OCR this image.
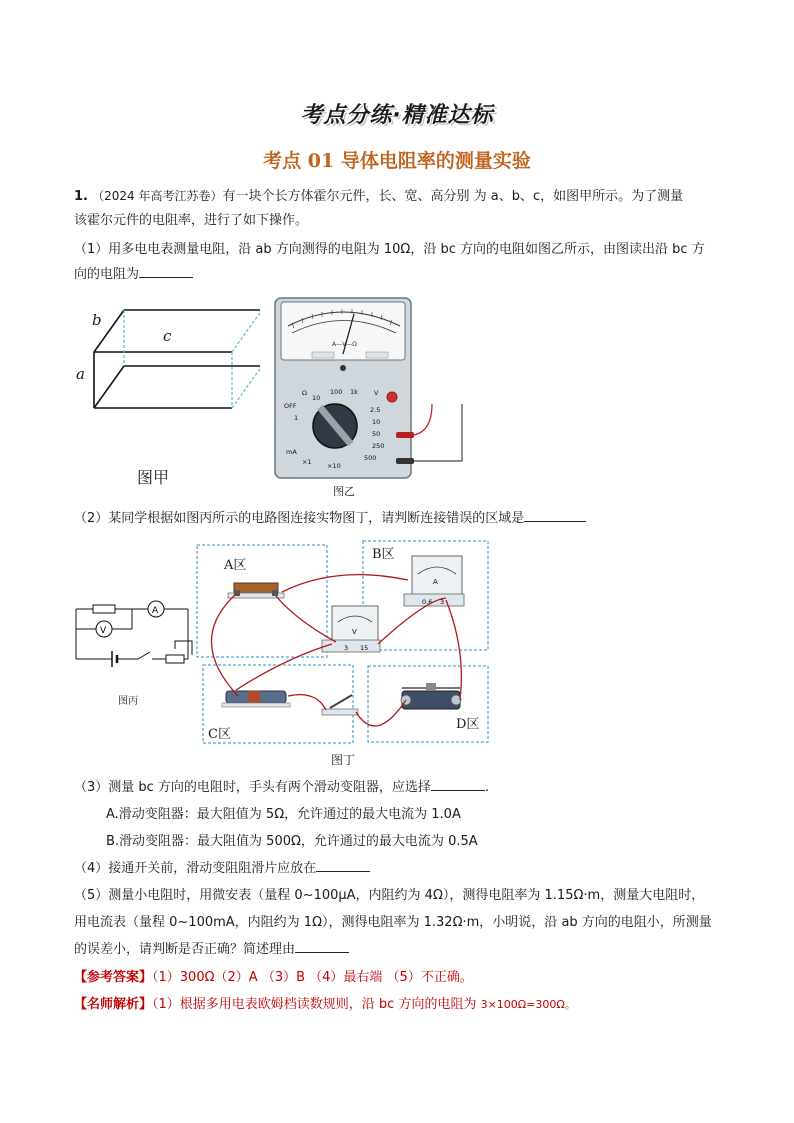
考点分练·精准达标
考点 01 导体电阻率的测量实验
1. （2024 年高考江苏卷）有一块个长方体霍尔元件，长、宽、高分别 为 a、b、c，如图甲所示。为了测量
该霍尔元件的电阻率，进行了如下操作。
（1）用多电电表测量电阻，沿 ab 方向测得的电阻为 10Ω，沿 bc 方向的电阻如图乙所示，由图读出沿 bc 方
向的电阻为
b
c
a
图甲
A—V—Ω
Ω	V
OFF
mA
2.5
10
50
250
500
1
10
100 1k
×1 ×10
图乙
（2）某同学根据如图丙所示的电路图连接实物图丁，请判断连接错误的区域是
A
V
图丙
V
3 15
A
0.6 3
A区
B区
C区
D区
图丁
（3）测量 bc 方向的电阻时，手头有两个滑动变阻器，应选择	.
A.滑动变阻器：最大阻值为 5Ω，允许通过的最大电流为 1.0A
B.滑动变阻器：最大阻值为 500Ω，允许通过的最大电流为 0.5A
（4）接通开关前，滑动变阻阻滑片应放在
（5）测量小电阻时，用微安表（量程 0~100μA，内阻约为 4Ω），测得电阻率为 1.15Ω·m，测量大电阻时，
用电流表（量程 0~100mA，内阻约为 1Ω），测得电阻率为 1.32Ω·m，小明说，沿 ab 方向的电阻小，所测量
的误差小，请判断是否正确？简述理由
【参考答案】（1）300Ω（2）A （3）B （4）最右端 （5）不正确。
【名师解析】（1）根据多用电表欧姆档读数规则，沿 bc 方向的电阻为 3×100Ω=300Ω。
